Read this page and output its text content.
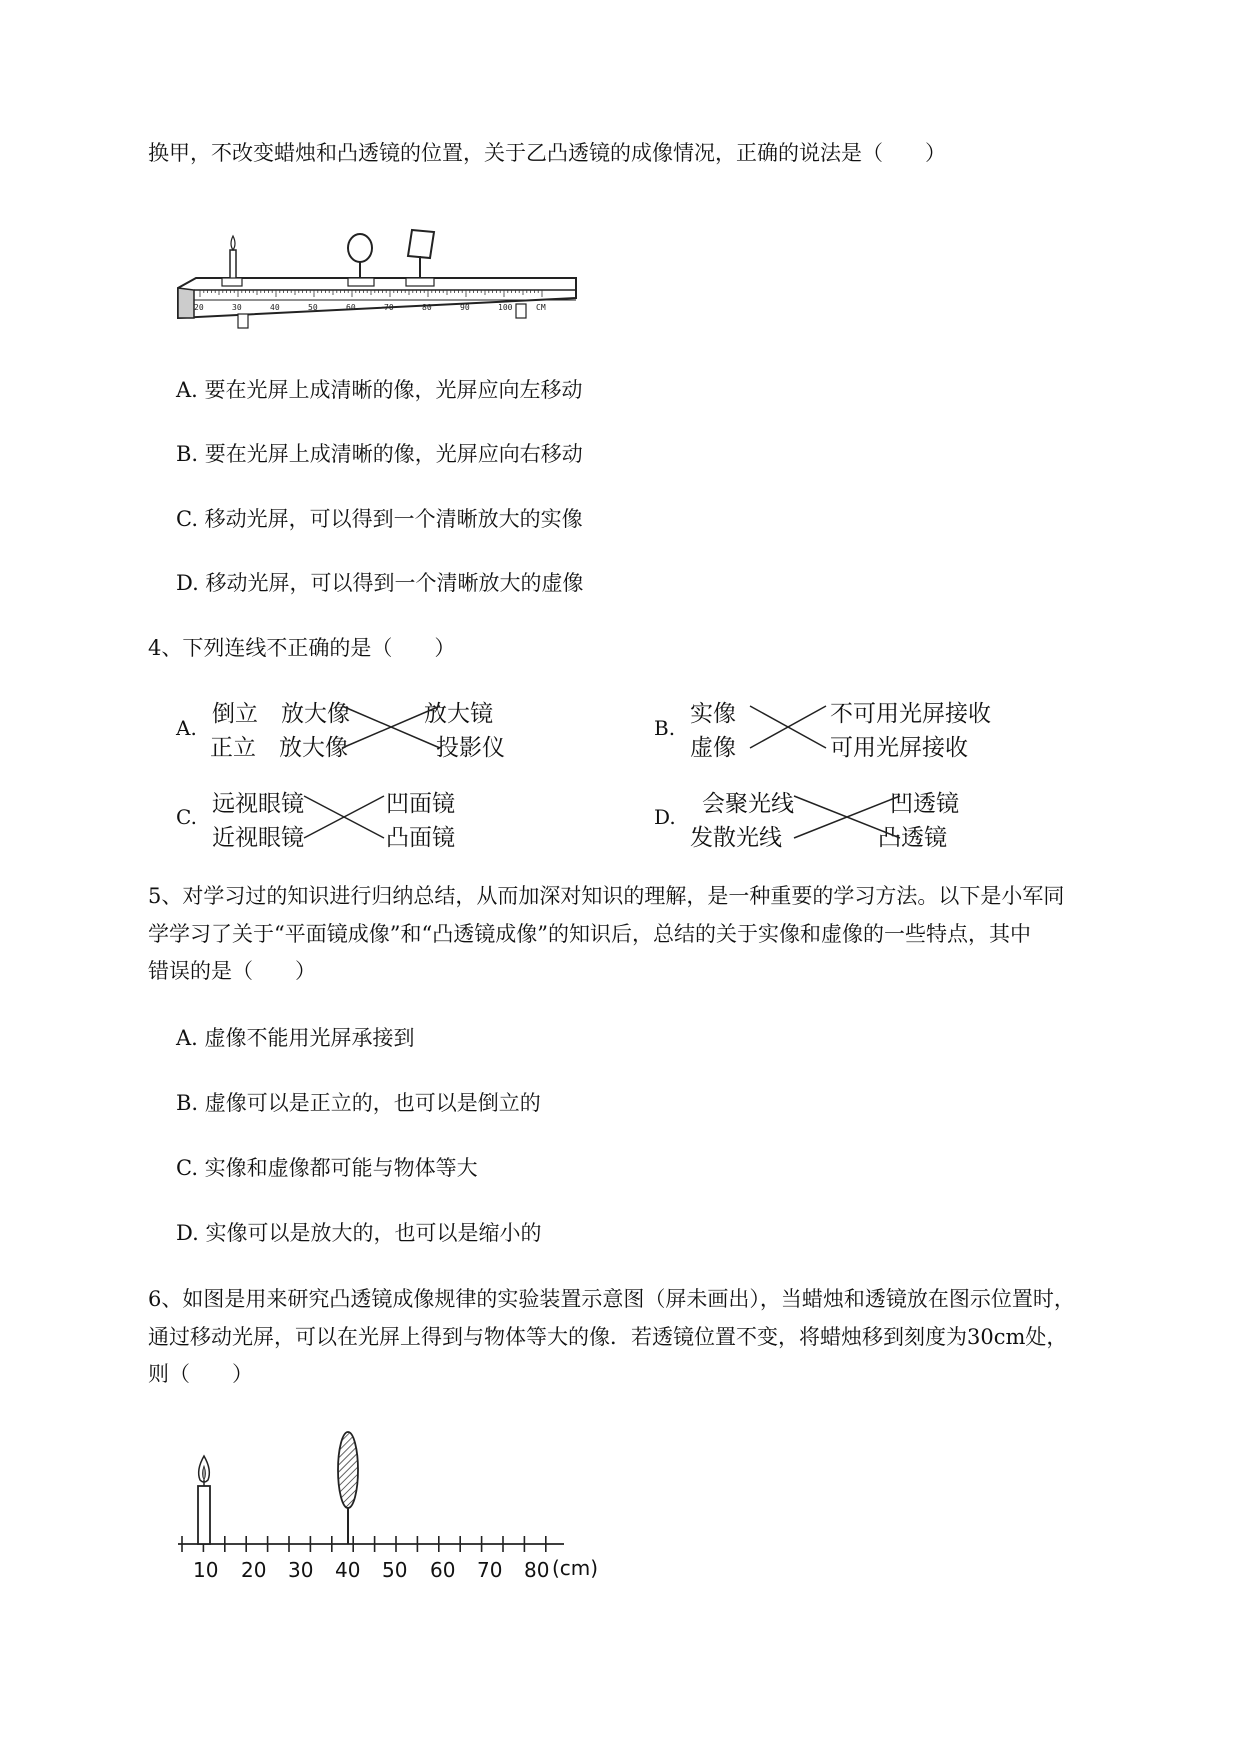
换甲，不改变蜡烛和凸透镜的位置，关于乙凸透镜的成像情况，正确的说法是（　　）
20	30	40	50	60	70	80	90	100	CM
A. 要在光屏上成清晰的像，光屏应向左移动
B. 要在光屏上成清晰的像，光屏应向右移动
C. 移动光屏，可以得到一个清晰放大的实像
D. 移动光屏，可以得到一个清晰放大的虚像
4、下列连线不正确的是（　　）
A.
倒立　放大像
正立　放大像
放大镜
投影仪
B.
实像
虚像
不可用光屏接收
可用光屏接收
C. 远视眼镜
近视眼镜
凹面镜
凸面镜
D. 会聚光线
发散光线
凹透镜
凸透镜
5、对学习过的知识进行归纳总结，从而加深对知识的理解，是一种重要的学习方法。以下是小军同
学学习了关于“平面镜成像”和“凸透镜成像”的知识后，总结的关于实像和虚像的一些特点，其中
错误的是（　　）
A. 虚像不能用光屏承接到
B. 虚像可以是正立的，也可以是倒立的
C. 实像和虚像都可能与物体等大
D. 实像可以是放大的，也可以是缩小的
6、如图是用来研究凸透镜成像规律的实验装置示意图（屏未画出），当蜡烛和透镜放在图示位置时，
通过移动光屏，可以在光屏上得到与物体等大的像．若透镜位置不变，将蜡烛移到刻度为30cm处，
则（　　）
10 20 30 40 50 60 70 80 (cm)
